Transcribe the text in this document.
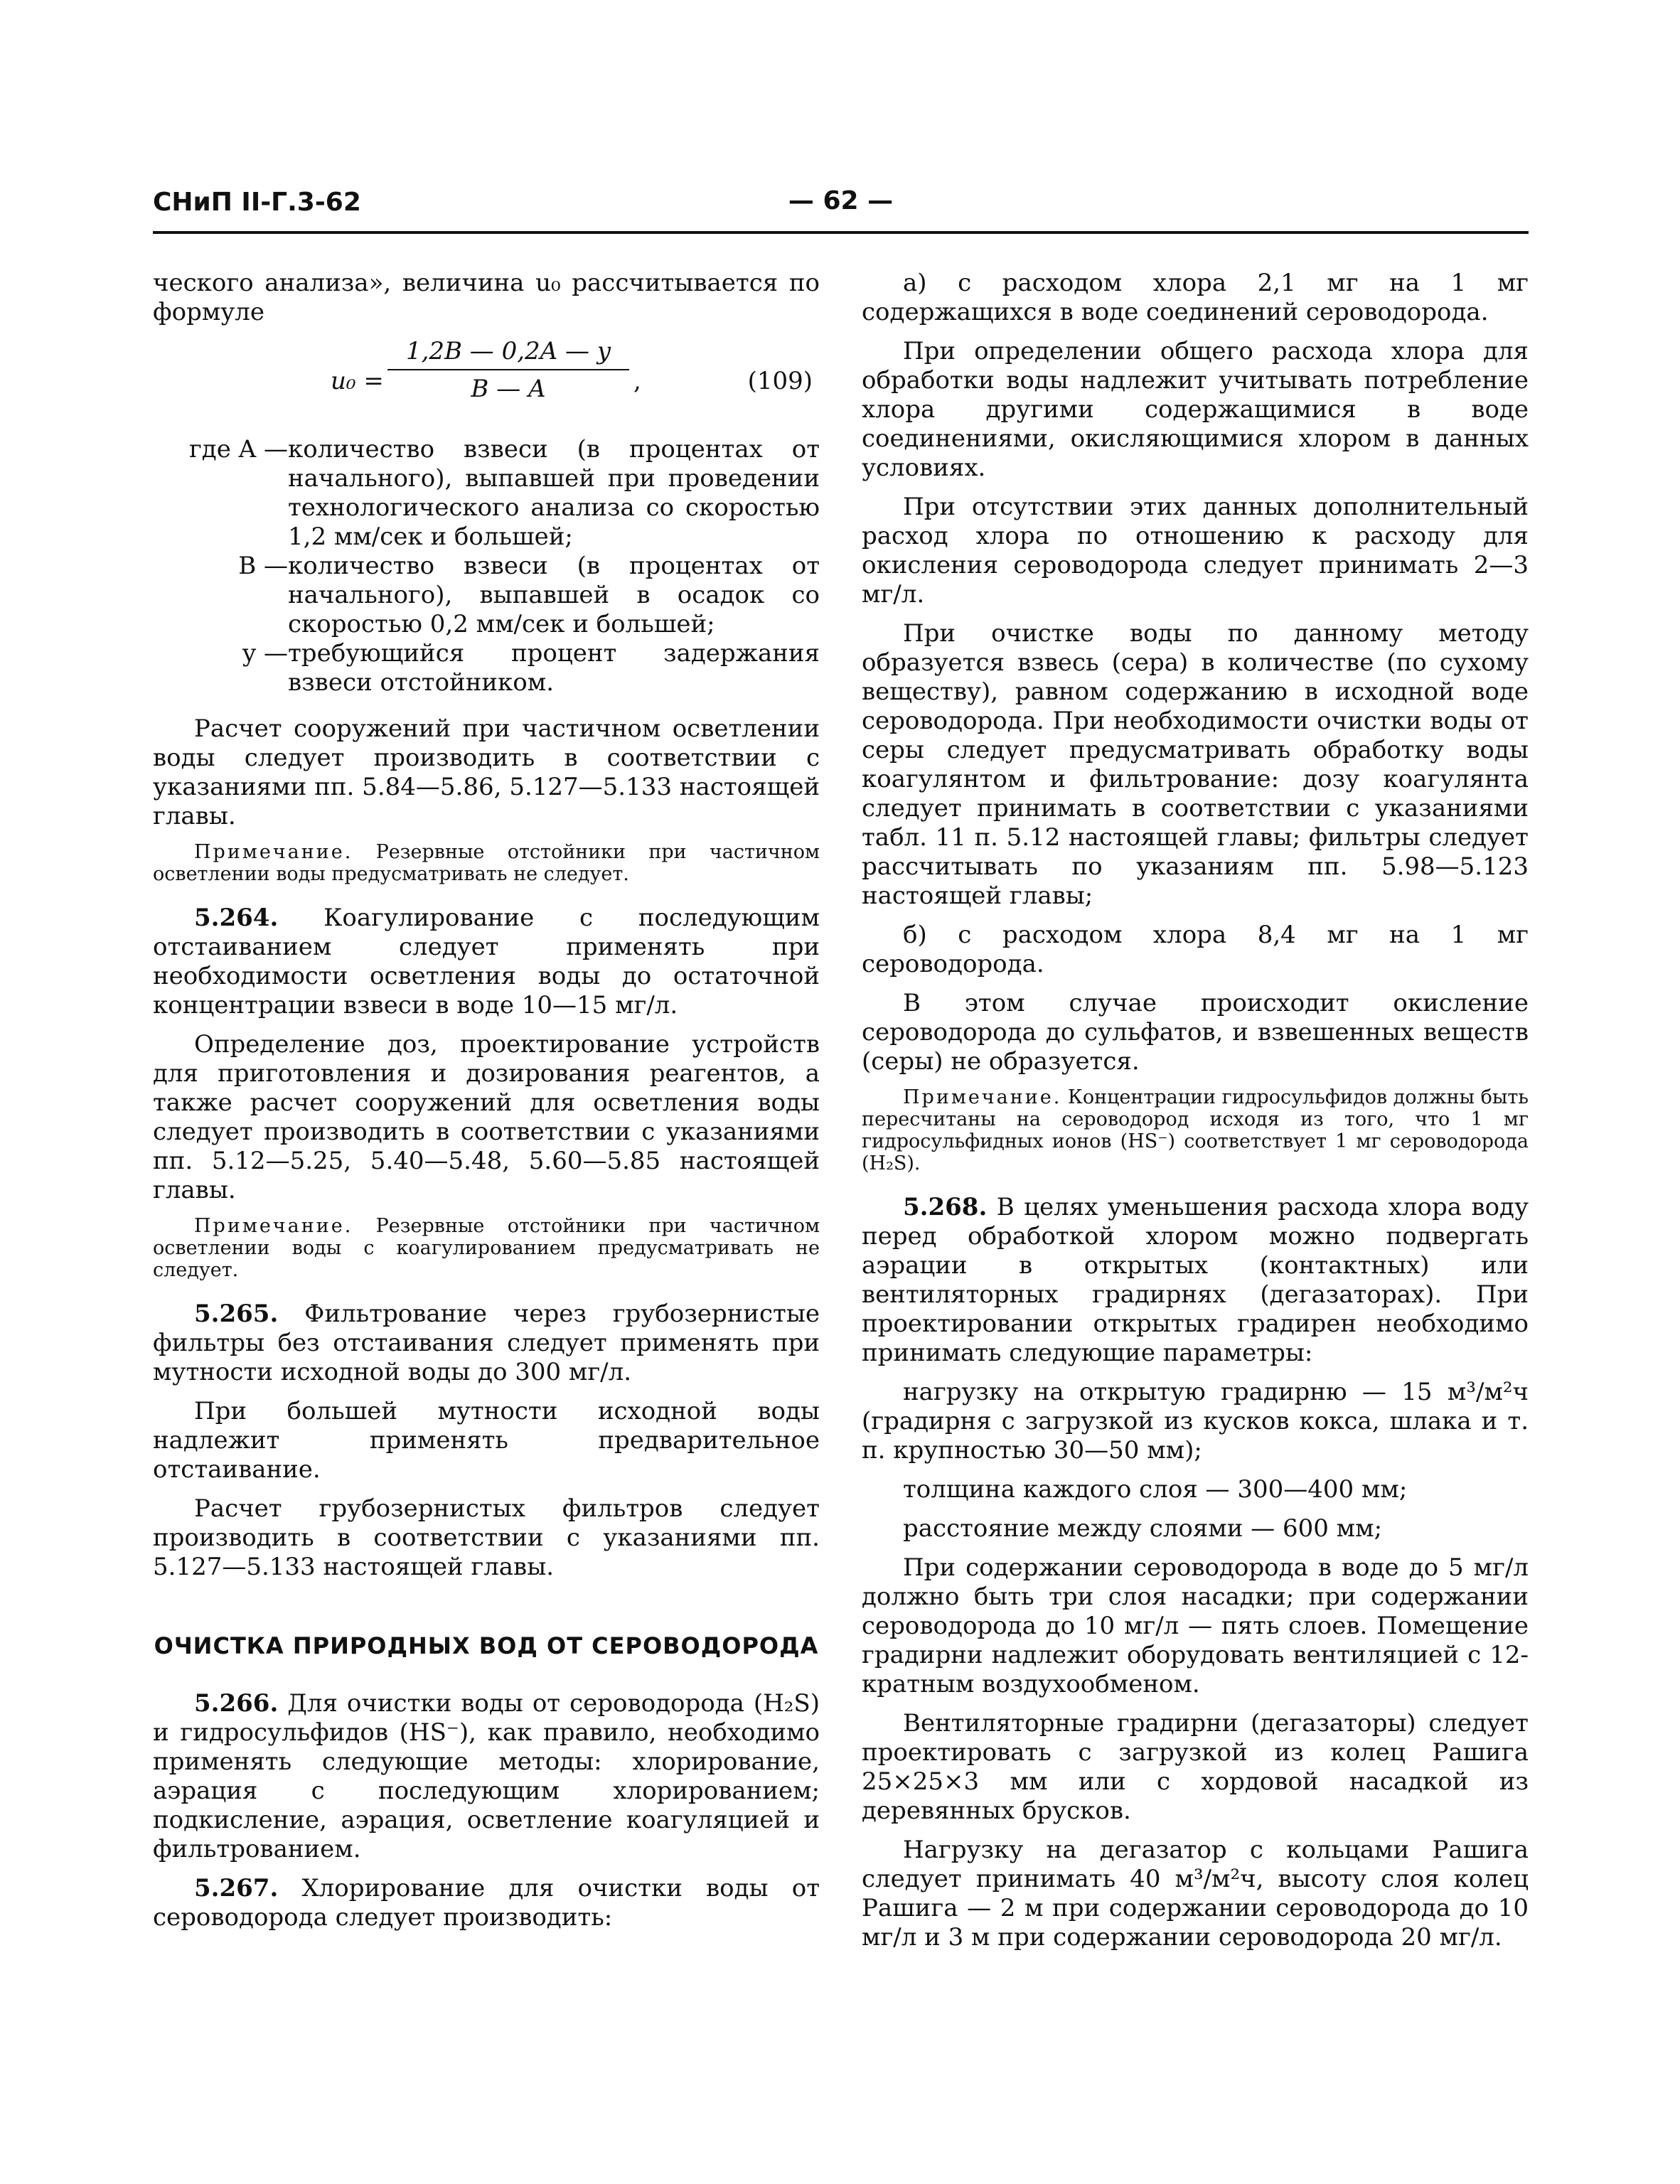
СНиП II-Г.3-62	— 62 —

ческого анализа», величина u₀ рассчитывается по формуле

$u_0 = \frac{1,2B — 0,2A — y}{B — A}$ ,	(109)
где A — количество взвеси (в процентах от начального), выпавшей при проведении технологического анализа со скоростью 1,2 мм/сек и большей;
B — количество взвеси (в процентах от начального), выпавшей в осадок со скоростью 0,2 мм/сек и большей;
y — требующийся процент задержания взвеси отстойником.

Расчет сооружений при частичном осветлении воды следует производить в соответствии с указаниями пп. 5.84—5.86, 5.127—5.133 настоящей главы.

Примечание. Резервные отстойники при частичном осветлении воды предусматривать не следует.

5.264. Коагулирование с последующим отстаиванием следует применять при необходимости осветления воды до остаточной концентрации взвеси в воде 10—15 мг/л.

Определение доз, проектирование устройств для приготовления и дозирования реагентов, а также расчет сооружений для осветления воды следует производить в соответствии с указаниями пп. 5.12—5.25, 5.40—5.48, 5.60—5.85 настоящей главы.

Примечание. Резервные отстойники при частичном осветлении воды с коагулированием предусматривать не следует.

5.265. Фильтрование через грубозернистые фильтры без отстаивания следует применять при мутности исходной воды до 300 мг/л.

При большей мутности исходной воды надлежит применять предварительное отстаивание.

Расчет грубозернистых фильтров следует производить в соответствии с указаниями пп. 5.127—5.133 настоящей главы.

ОЧИСТКА ПРИРОДНЫХ ВОД ОТ СЕРОВОДОРОДА

5.266. Для очистки воды от сероводорода (H₂S) и гидросульфидов (HS⁻), как правило, необходимо применять следующие методы: хлорирование, аэрация с последующим хлорированием; подкисление, аэрация, осветление коагуляцией и фильтрованием.

5.267. Хлорирование для очистки воды от сероводорода следует производить:

а) с расходом хлора 2,1 мг на 1 мг содержащихся в воде соединений сероводорода.

При определении общего расхода хлора для обработки воды надлежит учитывать потребление хлора другими содержащимися в воде соединениями, окисляющимися хлором в данных условиях.

При отсутствии этих данных дополнительный расход хлора по отношению к расходу для окисления сероводорода следует принимать 2—3 мг/л.

При очистке воды по данному методу образуется взвесь (сера) в количестве (по сухому веществу), равном содержанию в исходной воде сероводорода. При необходимости очистки воды от серы следует предусматривать обработку воды коагулянтом и фильтрование: дозу коагулянта следует принимать в соответствии с указаниями табл. 11 п. 5.12 настоящей главы; фильтры следует рассчитывать по указаниям пп. 5.98—5.123 настоящей главы;

б) с расходом хлора 8,4 мг на 1 мг сероводорода.

В этом случае происходит окисление сероводорода до сульфатов, и взвешенных веществ (серы) не образуется.

Примечание. Концентрации гидросульфидов должны быть пересчитаны на сероводород исходя из того, что 1 мг гидросульфидных ионов (HS⁻) соответствует 1 мг сероводорода (H₂S).

5.268. В целях уменьшения расхода хлора воду перед обработкой хлором можно подвергать аэрации в открытых (контактных) или вентиляторных градирнях (дегазаторах). При проектировании открытых градирен необходимо принимать следующие параметры:

нагрузку на открытую градирню — 15 м³/м²ч (градирня с загрузкой из кусков кокса, шлака и т. п. крупностью 30—50 мм);

толщина каждого слоя — 300—400 мм;

расстояние между слоями — 600 мм;

При содержании сероводорода в воде до 5 мг/л должно быть три слоя насадки; при содержании сероводорода до 10 мг/л — пять слоев. Помещение градирни надлежит оборудовать вентиляцией с 12-кратным воздухообменом.

Вентиляторные градирни (дегазаторы) следует проектировать с загрузкой из колец Рашига 25×25×3 мм или с хордовой насадкой из деревянных брусков.

Нагрузку на дегазатор с кольцами Рашига следует принимать 40 м³/м²ч, высоту слоя колец Рашига — 2 м при содержании сероводорода до 10 мг/л и 3 м при содержании сероводорода 20 мг/л.
